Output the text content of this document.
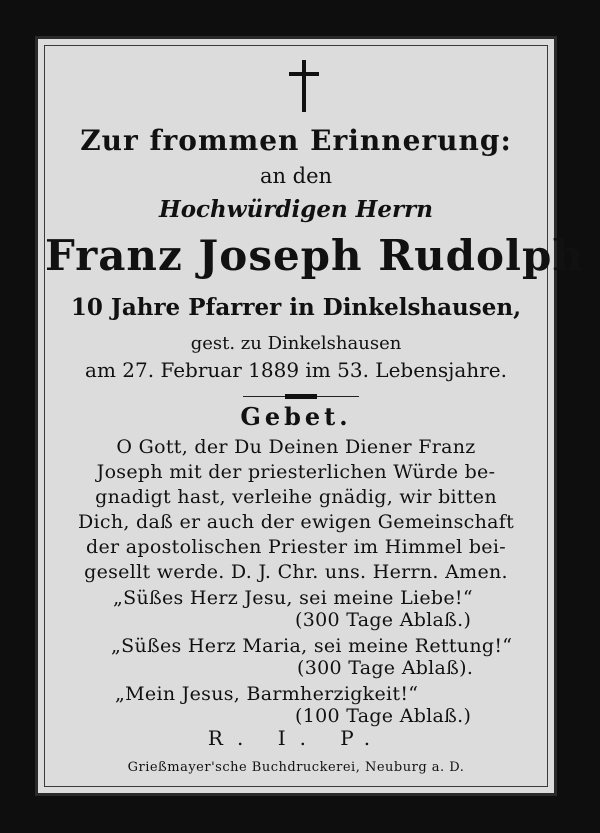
Zur frommen Erinnerung:
an den
Hochwürdigen Herrn
Franz Joseph Rudolph
10 Jahre Pfarrer in Dinkelshausen,
gest. zu Dinkelshausen
am 27. Februar 1889 im 53. Lebensjahre.
Gebet.
O Gott, der Du Deinen Diener Franz
Joseph mit der priesterlichen Würde be-
gnadigt hast, verleihe gnädig, wir bitten
Dich, daß er auch der ewigen Gemeinschaft
der apostolischen Priester im Himmel bei-
gesellt werde. D. J. Chr. uns. Herrn. Amen.
„Süßes Herz Jesu, sei meine Liebe!“
(300 Tage Ablaß.)
„Süßes Herz Maria, sei meine Rettung!“
(300 Tage Ablaß).
„Mein Jesus, Barmherzigkeit!“
(100 Tage Ablaß.)
R. I. P.
Grießmayer'sche Buchdruckerei, Neuburg a. D.
